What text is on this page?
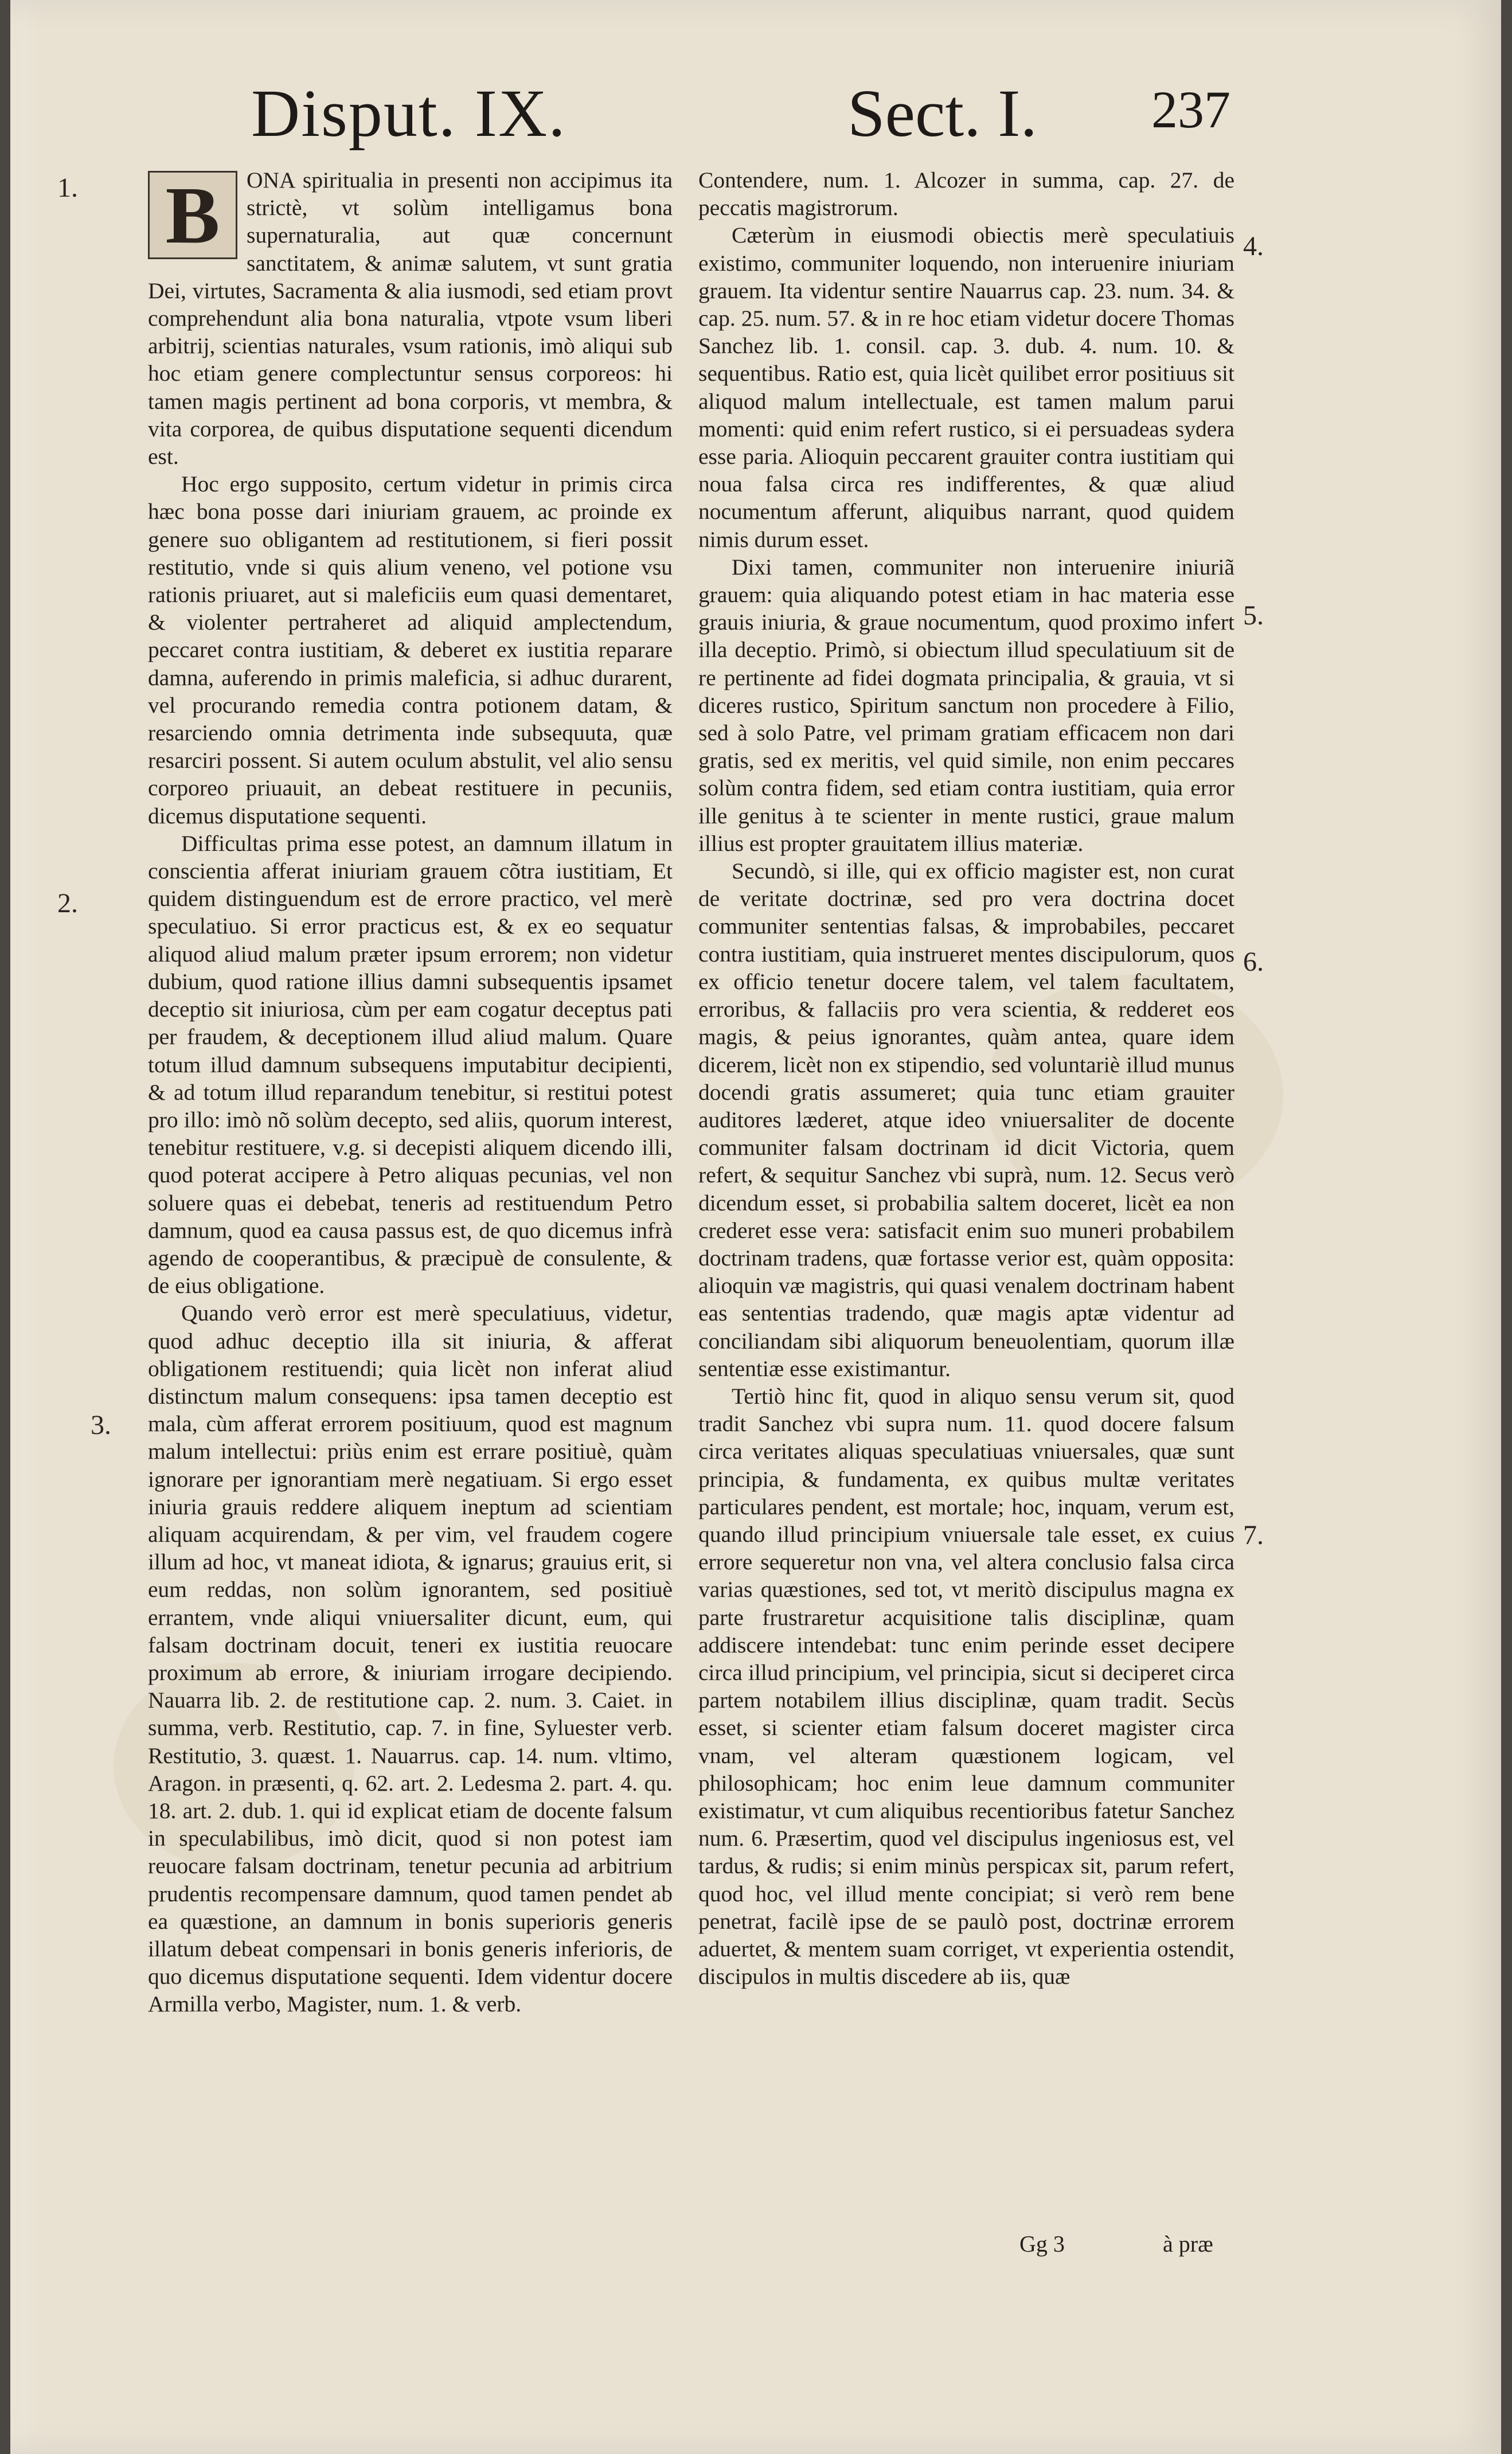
Disput. IX.	Sect. I. 237
1.
2.
3.
4.
5.
6.
7.
B	ONA spiritualia in presenti non accipimus ita strictè, vt solùm intelligamus bona supernaturalia, aut quæ concernunt sanctitatem, & animæ salutem, vt sunt gratia Dei, virtutes, Sacramenta & alia iusmodi, sed etiam provt comprehendunt alia bona naturalia, vtpote vsum liberi arbitrij, scientias naturales, vsum rationis, imò aliqui sub hoc etiam genere complectuntur sensus corporeos: hi tamen magis pertinent ad bona corporis, vt membra, & vita corporea, de quibus disputatione sequenti dicendum est.

Hoc ergo supposito, certum videtur in primis circa hæc bona posse dari iniuriam grauem, ac proinde ex genere suo obligantem ad restitutionem, si fieri possit restitutio, vnde si quis alium veneno, vel potione vsu rationis priuaret, aut si maleficiis eum quasi dementaret, & violenter pertraheret ad aliquid amplectendum, peccaret contra iustitiam, & deberet ex iustitia reparare damna, auferendo in primis maleficia, si adhuc durarent, vel procurando remedia contra potionem datam, & resarciendo omnia detrimenta inde subsequuta, quæ resarciri possent. Si autem oculum abstulit, vel alio sensu corporeo priuauit, an debeat restituere in pecuniis, dicemus disputatione sequenti.

Difficultas prima esse potest, an damnum illatum in conscientia afferat iniuriam grauem cõtra iustitiam, Et quidem distinguendum est de errore practico, vel merè speculatiuo. Si error practicus est, & ex eo sequatur aliquod aliud malum præter ipsum errorem; non videtur dubium, quod ratione illius damni subsequentis ipsamet deceptio sit iniuriosa, cùm per eam cogatur deceptus pati per fraudem, & deceptionem illud aliud malum. Quare totum illud damnum subsequens imputabitur decipienti, & ad totum illud reparandum tenebitur, si restitui potest pro illo: imò nõ solùm decepto, sed aliis, quorum interest, tenebitur restituere, v.g. si decepisti aliquem dicendo illi, quod poterat accipere à Petro aliquas pecunias, vel non soluere quas ei debebat, teneris ad restituendum Petro damnum, quod ea causa passus est, de quo dicemus infrà agendo de cooperantibus, & præcipuè de consulente, & de eius obligatione.

Quando verò error est merè speculatiuus, videtur, quod adhuc deceptio illa sit iniuria, & afferat obligationem restituendi; quia licèt non inferat aliud distinctum malum consequens: ipsa tamen deceptio est mala, cùm afferat errorem positiuum, quod est magnum malum intellectui: priùs enim est errare positiuè, quàm ignorare per ignorantiam merè negatiuam. Si ergo esset iniuria grauis reddere aliquem ineptum ad scientiam aliquam acquirendam, & per vim, vel fraudem cogere illum ad hoc, vt maneat idiota, & ignarus; grauius erit, si eum reddas, non solùm ignorantem, sed positiuè errantem, vnde aliqui vniuersaliter dicunt, eum, qui falsam doctrinam docuit, teneri ex iustitia reuocare proximum ab errore, & iniuriam irrogare decipiendo. Nauarra lib. 2. de restitutione cap. 2. num. 3. Caiet. in summa, verb. Restitutio, cap. 7. in fine, Syluester verb. Restitutio, 3. quæst. 1. Nauarrus. cap. 14. num. vltimo, Aragon. in præsenti, q. 62. art. 2. Ledesma 2. part. 4. qu. 18. art. 2. dub. 1. qui id explicat etiam de docente falsum in speculabilibus, imò dicit, quod si non potest iam reuocare falsam doctrinam, tenetur pecunia ad arbitrium prudentis recompensare damnum, quod tamen pendet ab ea quæstione, an damnum in bonis superioris generis illatum debeat compensari in bonis generis inferioris, de quo dicemus disputatione sequenti. Idem videntur docere Armilla verbo, Magister, num. 1. & verb.

Contendere, num. 1. Alcozer in summa, cap. 27. de peccatis magistrorum.

Cæterùm in eiusmodi obiectis merè speculatiuis existimo, communiter loquendo, non interuenire iniuriam grauem. Ita videntur sentire Nauarrus cap. 23. num. 34. & cap. 25. num. 57. & in re hoc etiam videtur docere Thomas Sanchez lib. 1. consil. cap. 3. dub. 4. num. 10. & sequentibus. Ratio est, quia licèt quilibet error positiuus sit aliquod malum intellectuale, est tamen malum parui momenti: quid enim refert rustico, si ei persuadeas sydera esse paria. Alioquin peccarent grauiter contra iustitiam qui noua falsa circa res indifferentes, & quæ aliud nocumentum afferunt, aliquibus narrant, quod quidem nimis durum esset.

Dixi tamen, communiter non interuenire iniuriã grauem: quia aliquando potest etiam in hac materia esse grauis iniuria, & graue nocumentum, quod proximo infert illa deceptio. Primò, si obiectum illud speculatiuum sit de re pertinente ad fidei dogmata principalia, & grauia, vt si diceres rustico, Spiritum sanctum non procedere à Filio, sed à solo Patre, vel primam gratiam efficacem non dari gratis, sed ex meritis, vel quid simile, non enim peccares solùm contra fidem, sed etiam contra iustitiam, quia error ille genitus à te scienter in mente rustici, graue malum illius est propter grauitatem illius materiæ.

Secundò, si ille, qui ex officio magister est, non curat de veritate doctrinæ, sed pro vera doctrina docet communiter sententias falsas, & improbabiles, peccaret contra iustitiam, quia instrueret mentes discipulorum, quos ex officio tenetur docere talem, vel talem facultatem, erroribus, & fallaciis pro vera scientia, & redderet eos magis, & peius ignorantes, quàm antea, quare idem dicerem, licèt non ex stipendio, sed voluntariè illud munus docendi gratis assumeret; quia tunc etiam grauiter auditores læderet, atque ideo vniuersaliter de docente communiter falsam doctrinam id dicit Victoria, quem refert, & sequitur Sanchez vbi suprà, num. 12. Secus verò dicendum esset, si probabilia saltem doceret, licèt ea non crederet esse vera: satisfacit enim suo muneri probabilem doctrinam tradens, quæ fortasse verior est, quàm opposita: alioquin væ magistris, qui quasi venalem doctrinam habent eas sententias tradendo, quæ magis aptæ videntur ad conciliandam sibi aliquorum beneuolentiam, quorum illæ sententiæ esse existimantur.

Tertiò hinc fit, quod in aliquo sensu verum sit, quod tradit Sanchez vbi supra num. 11. quod docere falsum circa veritates aliquas speculatiuas vniuersales, quæ sunt principia, & fundamenta, ex quibus multæ veritates particulares pendent, est mortale; hoc, inquam, verum est, quando illud principium vniuersale tale esset, ex cuius errore sequeretur non vna, vel altera conclusio falsa circa varias quæstiones, sed tot, vt meritò discipulus magna ex parte frustraretur acquisitione talis disciplinæ, quam addiscere intendebat: tunc enim perinde esset decipere circa illud principium, vel principia, sicut si deciperet circa partem notabilem illius disciplinæ, quam tradit. Secùs esset, si scienter etiam falsum doceret magister circa vnam, vel alteram quæstionem logicam, vel philosophicam; hoc enim leue damnum communiter existimatur, vt cum aliquibus recentioribus fatetur Sanchez num. 6. Præsertim, quod vel discipulus ingeniosus est, vel tardus, & rudis; si enim minùs perspicax sit, parum refert, quod hoc, vel illud mente concipiat; si verò rem bene penetrat, facilè ipse de se paulò post, doctrinæ errorem aduertet, & mentem suam corriget, vt experientia ostendit, discipulos in multis discedere ab iis, quæ

Gg 3	à præ
